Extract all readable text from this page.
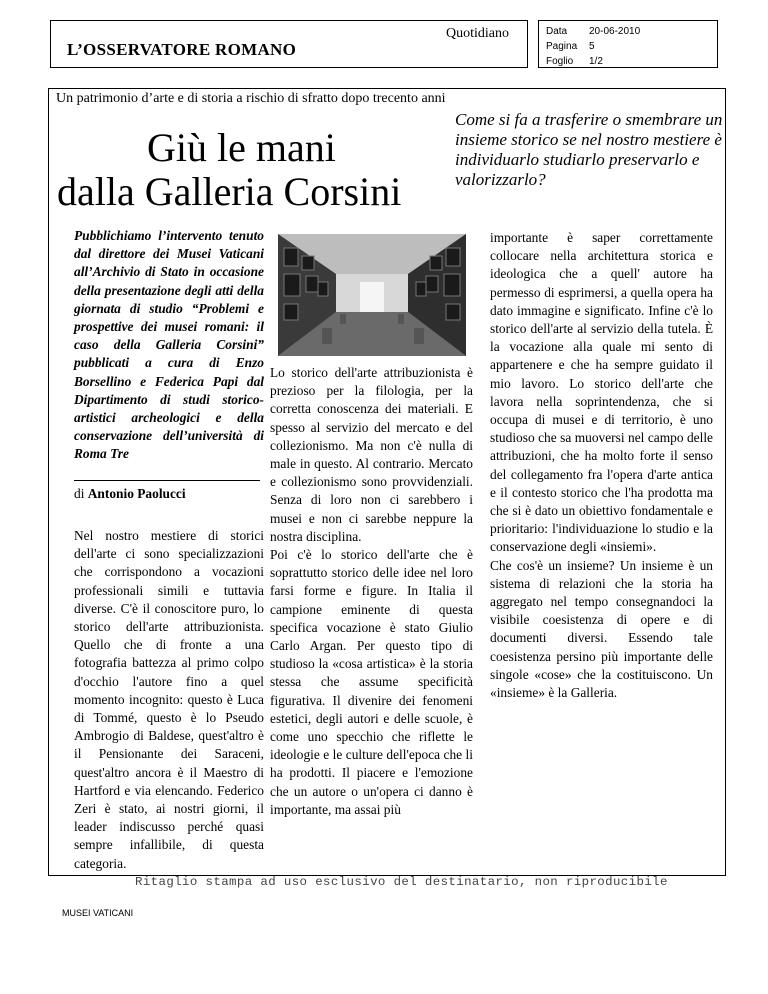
L’OSSERVATORE ROMANO
Quotidiano	Data 20-06-2010
Pagina 5
Foglio 1/2
Un patrimonio d’arte e di storia a rischio di sfratto dopo trecento anni
Giù le mani
dalla Galleria Corsini
Come si fa a trasferire o smembrare un insieme storico se nel nostro mestiere è individuarlo studiarlo preservarlo e valorizzarlo?

Pubblichiamo l’intervento tenuto dal direttore dei Musei Vaticani all’Archivio di Stato in occasione della presentazione degli atti della giornata di studio “Problemi e prospettive dei musei romani: il caso della Galleria Corsini” pubblicati a cura di Enzo Borsellino e Federica Papi dal Dipartimento di studi storico-artistici archeologici e della conservazione dell’università di Roma Tre

di Antonio Paolucci

Nel nostro mestiere di storici dell'arte ci sono specializzazioni che corrispondono a vocazioni professionali simili e tuttavia diverse. C'è il conoscitore puro, lo storico dell'arte attribuzionista. Quello che di fronte a una fotografia battezza al primo colpo d'occhio l'autore fino a quel momento incognito: questo è Luca di Tommé, questo è lo Pseudo Ambrogio di Baldese, quest'altro è il Pensionante dei Saraceni, quest'altro ancora è il Maestro di Hartford e via elencando. Federico Zeri è stato, ai nostri giorni, il leader indiscusso perché quasi sempre infallibile, di questa categoria.

Lo storico dell'arte attribuzionista è prezioso per la filologia, per la corretta conoscenza dei materiali. E spesso al servizio del mercato e del collezionismo. Ma non c'è nulla di male in questo. Al contrario. Mercato e collezionismo sono provvidenziali. Senza di loro non ci sarebbero i musei e non ci sarebbe neppure la nostra disciplina.

Poi c'è lo storico dell'arte che è soprattutto storico delle idee nel loro farsi forme e figure. In Italia il campione eminente di questa specifica vocazione è stato Giulio Carlo Argan. Per questo tipo di studioso la «cosa artistica» è la storia stessa che assume specificità figurativa. Il divenire dei fenomeni estetici, degli autori e delle scuole, è come uno specchio che riflette le ideologie e le culture dell'epoca che li ha prodotti. Il piacere e l'emozione che un autore o un'opera ci danno è importante, ma assai più

importante è saper correttamente collocare nella architettura storica e ideologica che a quell' autore ha permesso di esprimersi, a quella opera ha dato immagine e significato. Infine c'è lo storico dell'arte al servizio della tutela. È la vocazione alla quale mi sento di appartenere e che ha sempre guidato il mio lavoro. Lo storico dell'arte che lavora nella soprintendenza, che si occupa di musei e di territorio, è uno studioso che sa muoversi nel campo delle attribuzioni, che ha molto forte il senso del collegamento fra l'opera d'arte antica e il contesto storico che l'ha prodotta ma che si è dato un obiettivo fondamentale e prioritario: l'individuazione lo studio e la conservazione degli «insiemi».

Che cos'è un insieme? Un insieme è un sistema di relazioni che la storia ha aggregato nel tempo consegnandoci la visibile coesistenza di opere e di documenti diversi. Essendo tale coesistenza persino più importante delle singole «cose» che la costituiscono. Un «insieme» è la Galleria.

Ritaglio stampa ad uso esclusivo del destinatario, non riproducibile
MUSEI VATICANI
